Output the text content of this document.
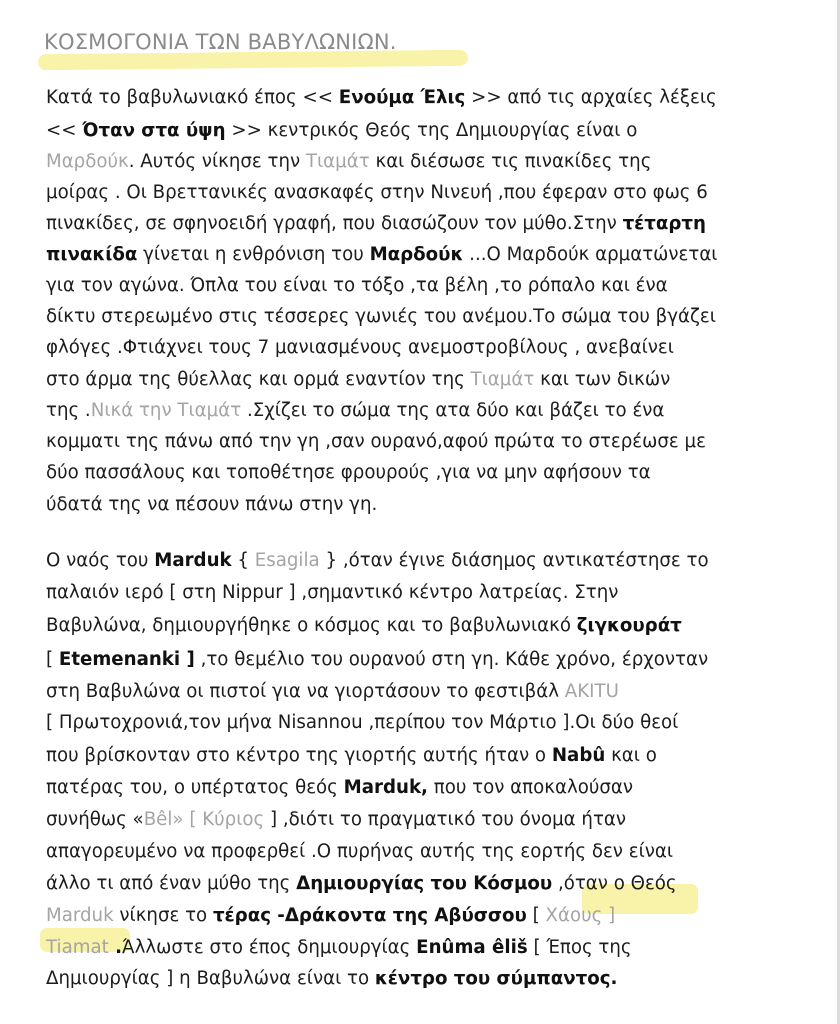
ΚΟΣΜΟΓΟΝΙΑ ΤΩΝ ΒΑΒΥΛΩΝΙΩΝ.
Κατά το βαβυλωνιακό έπος << Ενούμα Έλις >> από τις αρχαίες λέξεις
<< Όταν στα ύψη >> κεντρικός Θεός της Δημιουργίας είναι ο
Μαρδούκ. Αυτός νίκησε την Τιαμάτ και διέσωσε τις πινακίδες της
μοίρας . Οι Βρεττανικές ανασκαφές στην Νινευή ,που έφεραν στο φως 6
πινακίδες, σε σφηνοειδή γραφή, που διασώζουν τον μύθο.Στην τέταρτη
πινακίδα γίνεται η ενθρόνιση του Μαρδούκ ...Ο Μαρδούκ αρματώνεται
για τον αγώνα. Όπλα του είναι το τόξο ,τα βέλη ,το ρόπαλο και ένα
δίκτυ στερεωμένο στις τέσσερες γωνιές του ανέμου.Το σώμα του βγάζει
φλόγες .Φτιάχνει τους 7 μανιασμένους ανεμοστροβίλους , ανεβαίνει
στο άρμα της θύελλας και ορμά εναντίον της Τιαμάτ και των δικών
της .Νικά την Τιαμάτ .Σχίζει το σώμα της ατα δύο και βάζει το ένα
κομματι της πάνω από την γη ,σαν ουρανό,αφού πρώτα το στερέωσε με
δύο πασσάλους και τοποθέτησε φρουρούς ,για να μην αφήσουν τα
ύδατά της να πέσουν πάνω στην γη.
Ο ναός του Marduk { Esagila } ,όταν έγινε διάσημος αντικατέστησε το
παλαιόν ιερό [ στη Nippur ] ,σημαντικό κέντρο λατρείας. Στην
Βαβυλώνα, δημιουργήθηκε ο κόσμος και το βαβυλωνιακό ζιγκουράτ
[ Etemenanki ] ,το θεμέλιο του ουρανού στη γη. Κάθε χρόνο, έρχονταν
στη Βαβυλώνα οι πιστοί για να γιορτάσουν το φεστιβάλ AKITU
[ Πρωτοχρονιά,τον μήνα Nisannou ,περίπου τον Μάρτιο ].Οι δύο θεοί
που βρίσκονταν στο κέντρο της γιορτής αυτής ήταν ο Nabû και ο
πατέρας του, ο υπέρτατος θεός Marduk, που τον αποκαλούσαν
συνήθως «Bêl» [ Κύριος ] ,διότι το πραγματικό του όνομα ήταν
απαγορευμένο να προφερθεί .Ο πυρήνας αυτής της εορτής δεν είναι
άλλο τι από έναν μύθο της Δημιουργίας του Κόσμου ,όταν ο Θεός
Marduk νίκησε το τέρας -Δράκοντα της Αβύσσου [ Χάους ]
Tiamat .Άλλωστε στο έπος δημιουργίας Enûma êliš [ Έπος της
Δημιουργίας ] η Βαβυλώνα είναι το κέντρο του σύμπαντος.
